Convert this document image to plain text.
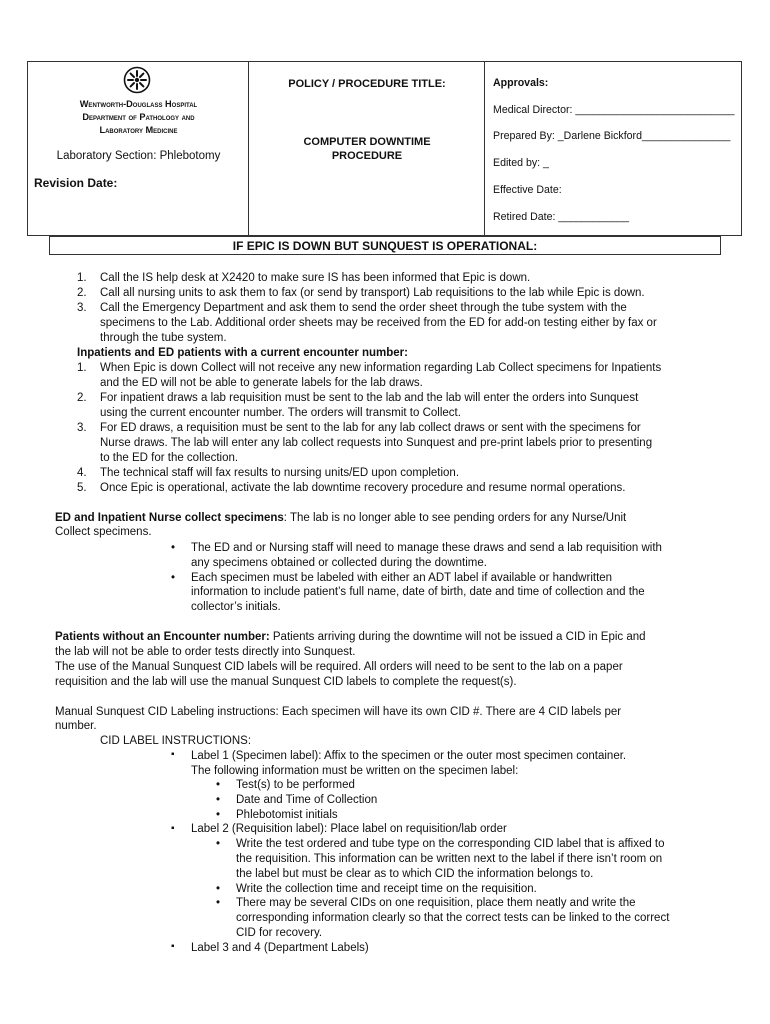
Wentworth-Douglass Hospital
Department of Pathology and
Laboratory Medicine
Laboratory Section: Phlebotomy
Revision Date:
POLICY / PROCEDURE TITLE:
COMPUTER DOWNTIME
PROCEDURE
Approvals:
Medical Director: ___________________________
Prepared By: _Darlene Bickford_______________
Edited by: _
Effective Date:
Retired Date: ____________
IF EPIC IS DOWN BUT SUNQUEST IS OPERATIONAL:
1. Call the IS help desk at X2420 to make sure IS has been informed that Epic is down.
2. Call all nursing units to ask them to fax (or send by transport) Lab requisitions to the lab while Epic is down.
3. Call the Emergency Department and ask them to send the order sheet through the tube system with the
specimens to the Lab. Additional order sheets may be received from the ED for add-on testing either by fax or
through the tube system.
Inpatients and ED patients with a current encounter number:
1. When Epic is down Collect will not receive any new information regarding Lab Collect specimens for Inpatients
and the ED will not be able to generate labels for the lab draws.
2. For inpatient draws a lab requisition must be sent to the lab and the lab will enter the orders into Sunquest
using the current encounter number. The orders will transmit to Collect.
3. For ED draws, a requisition must be sent to the lab for any lab collect draws or sent with the specimens for
Nurse draws. The lab will enter any lab collect requests into Sunquest and pre-print labels prior to presenting
to the ED for the collection.
4. The technical staff will fax results to nursing units/ED upon completion.
5. Once Epic is operational, activate the lab downtime recovery procedure and resume normal operations.
ED and Inpatient Nurse collect specimens: The lab is no longer able to see pending orders for any Nurse/Unit
Collect specimens.
• The ED and or Nursing staff will need to manage these draws and send a lab requisition with
any specimens obtained or collected during the downtime.
• Each specimen must be labeled with either an ADT label if available or handwritten
information to include patient’s full name, date of birth, date and time of collection and the
collector’s initials.
Patients without an Encounter number: Patients arriving during the downtime will not be issued a CID in Epic and
the lab will not be able to order tests directly into Sunquest.
The use of the Manual Sunquest CID labels will be required. All orders will need to be sent to the lab on a paper
requisition and the lab will use the manual Sunquest CID labels to complete the request(s).
Manual Sunquest CID Labeling instructions: Each specimen will have its own CID #. There are 4 CID labels per
number.
CID LABEL INSTRUCTIONS:
▪ Label 1 (Specimen label): Affix to the specimen or the outer most specimen container.
The following information must be written on the specimen label:
• Test(s) to be performed
• Date and Time of Collection
• Phlebotomist initials
▪ Label 2 (Requisition label): Place label on requisition/lab order
• Write the test ordered and tube type on the corresponding CID label that is affixed to
the requisition. This information can be written next to the label if there isn’t room on
the label but must be clear as to which CID the information belongs to.
• Write the collection time and receipt time on the requisition.
• There may be several CIDs on one requisition, place them neatly and write the
corresponding information clearly so that the correct tests can be linked to the correct
CID for recovery.
▪ Label 3 and 4 (Department Labels)
